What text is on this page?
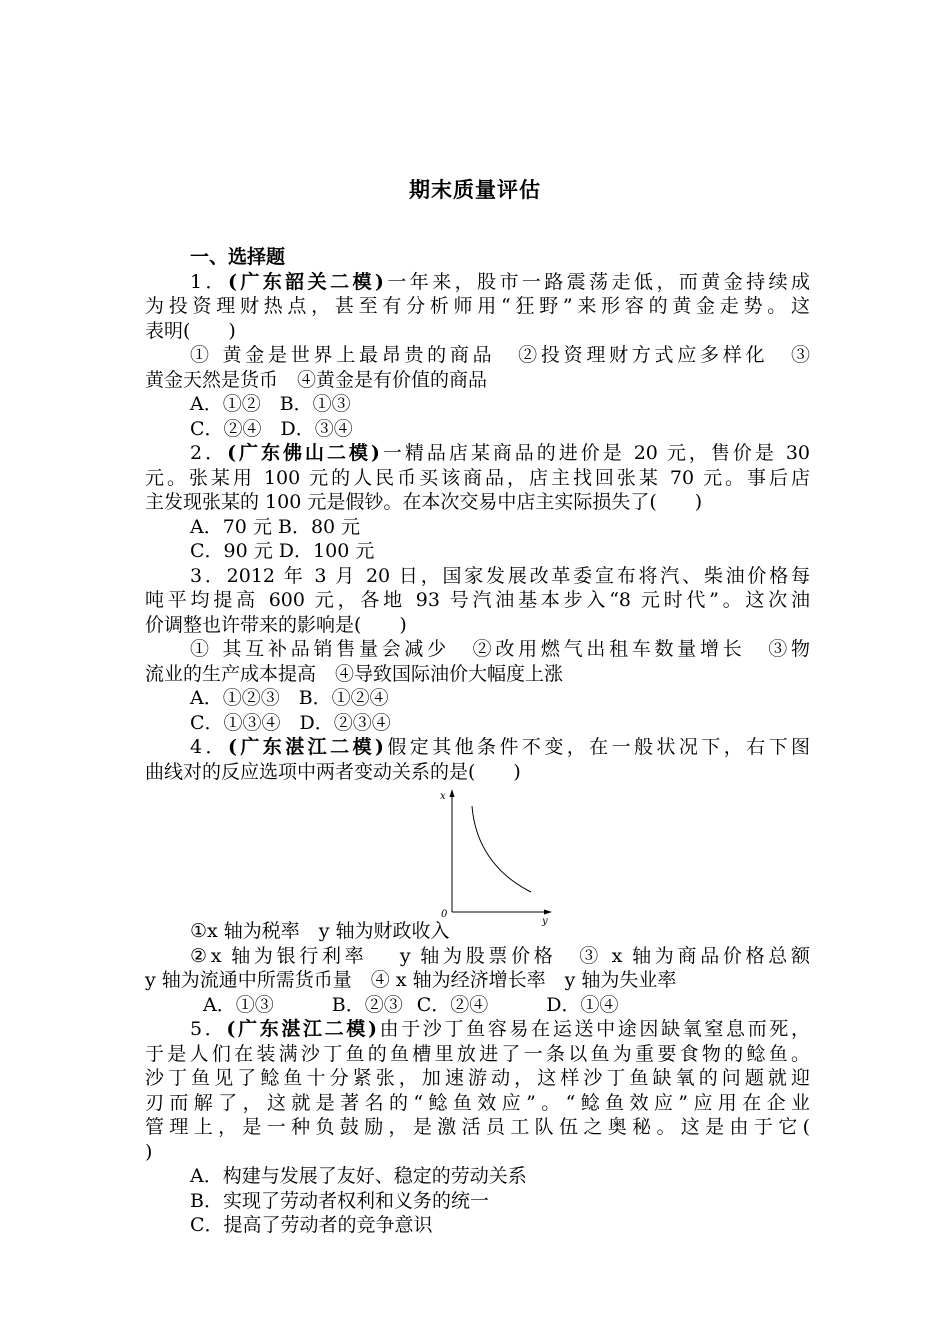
期末质量评估
一、选择题
1．(广东韶关二模)一年来，股市一路震荡走低，而黄金持续成
为投资理财热点，甚至有分析师用“狂野”来形容的黄金走势。这
表明(　　)
① 黄金是世界上最昂贵的商品　②投资理财方式应多样化　③
黄金天然是货币　④黄金是有价值的商品
A．①②　B．①③
C．②④　D．③④
2．(广东佛山二模)一精品店某商品的进价是 20 元，售价是 30
元。张某用 100 元的人民币买该商品，店主找回张某 70 元。事后店
主发现张某的 100 元是假钞。在本次交易中店主实际损失了(　　)
A．70 元 B．80 元
C．90 元 D．100 元
3．2012 年 3 月 20 日，国家发展改革委宣布将汽、柴油价格每
吨平均提高 600 元，各地 93 号汽油基本步入“8 元时代”。这次油
价调整也许带来的影响是(　　)
① 其互补品销售量会减少　②改用燃气出租车数量增长　③物
流业的生产成本提高　④导致国际油价大幅度上涨
A．①②③　B．①②④
C．①③④　D．②③④
4．(广东湛江二模)假定其他条件不变，在一般状况下，右下图
曲线对的反应选项中两者变动关系的是(　　)
x
y
0
①x 轴为税率　y 轴为财政收入
②x 轴为银行利率　 y 轴为股票价格　③ x 轴为商品价格总额
y 轴为流通中所需货币量　④ x 轴为经济增长率　y 轴为失业率
A．①③	B．②③ C．②④	D．①④
5．(广东湛江二模)由于沙丁鱼容易在运送中途因缺氧窒息而死，
于是人们在装满沙丁鱼的鱼槽里放进了一条以鱼为重要食物的鲶鱼。
沙丁鱼见了鲶鱼十分紧张，加速游动，这样沙丁鱼缺氧的问题就迎
刃而解了，这就是著名的“鲶鱼效应”。“鲶鱼效应”应用在企业
管理上，是一种负鼓励，是激活员工队伍之奥秘。这是由于它(
)
A．构建与发展了友好、稳定的劳动关系
B．实现了劳动者权利和义务的统一
C．提高了劳动者的竞争意识
